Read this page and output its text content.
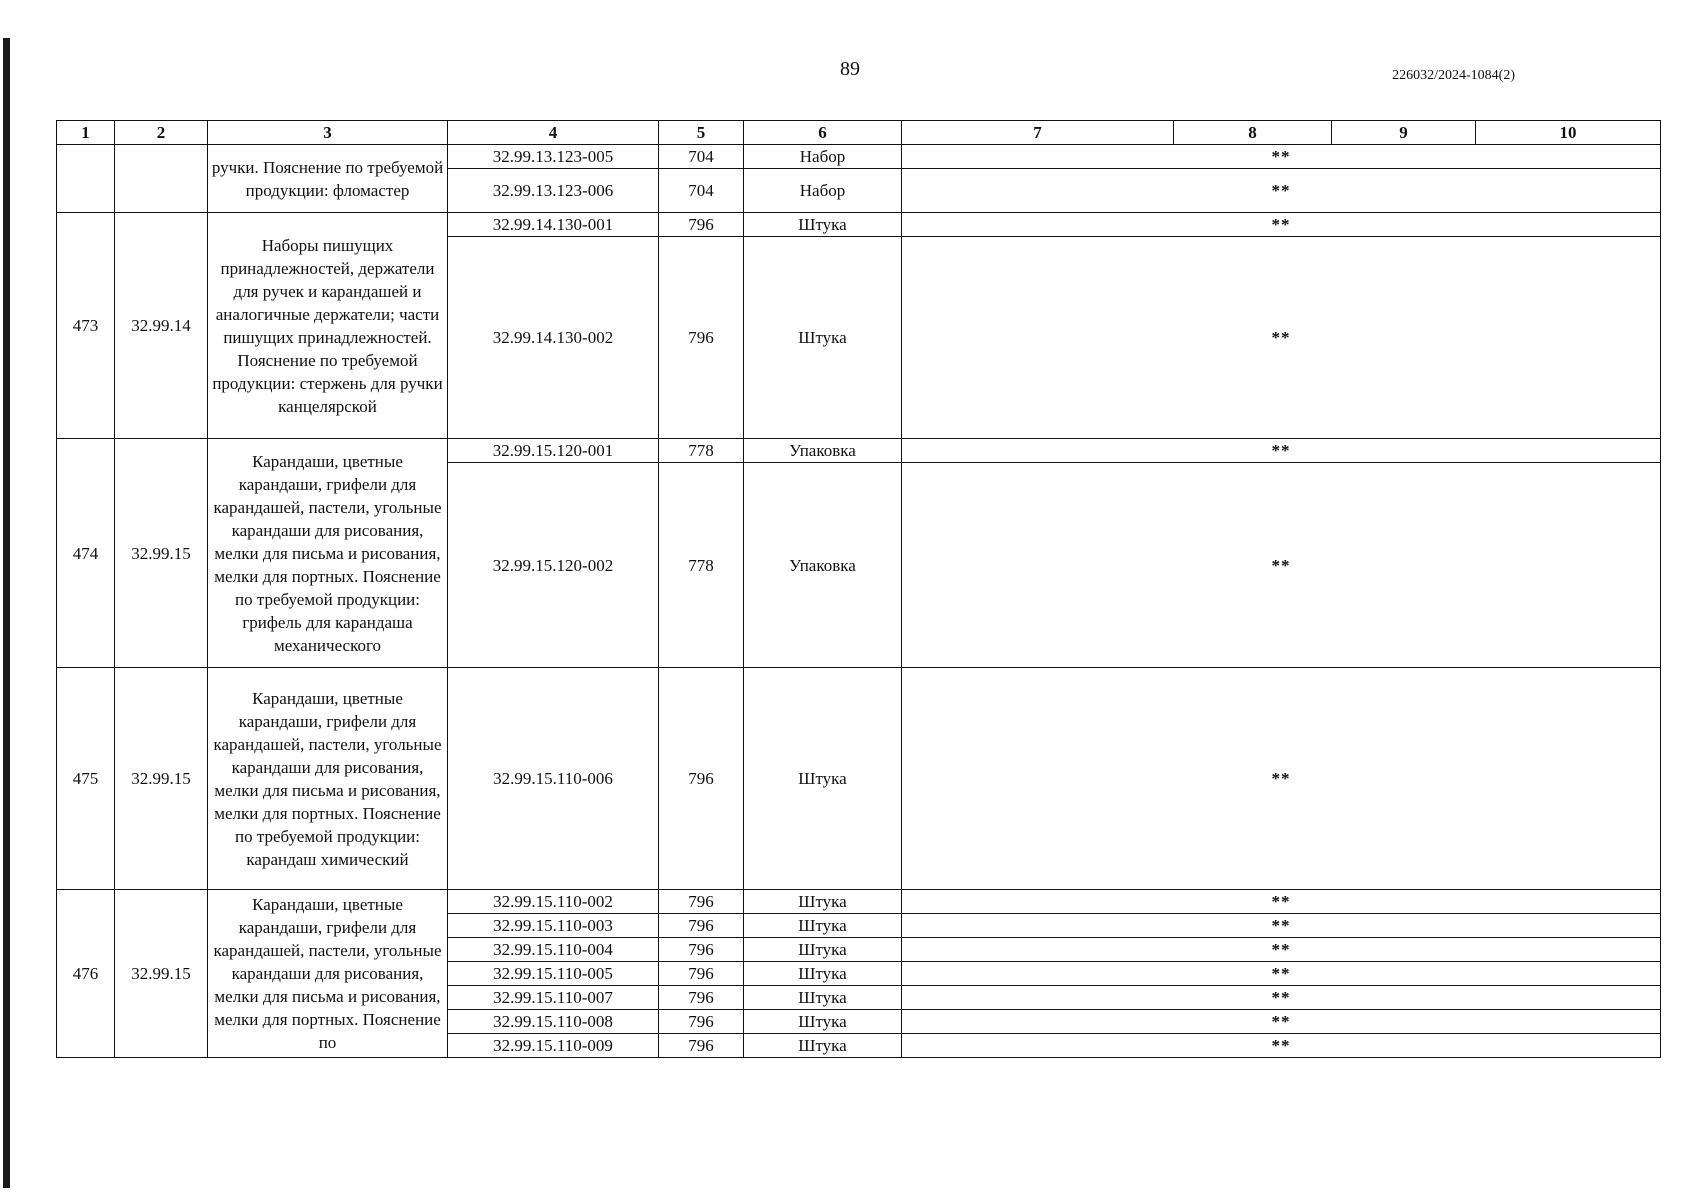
89	226032/2024-1084(2)
1	2	3	4	5	6	7	8	9	10
		ручки. Пояснение по требуемой продукции: фломастер	32.99.13.123-005	704	Набор	**			
			32.99.13.123-006	704	Набор	**			
473	32.99.14	Наборы пишущих принадлежностей, держатели для ручек и карандашей и аналогичные держатели; части пишущих принадлежностей. Пояснение по требуемой продукции: стержень для ручки канцелярской	32.99.14.130-001	796	Штука	**			
			32.99.14.130-002	796	Штука	**			
474	32.99.15	Карандаши, цветные карандаши, грифели для карандашей, пастели, угольные карандаши для рисования, мелки для письма и рисования, мелки для портных. Пояснение по требуемой продукции: грифель для карандаша механического	32.99.15.120-001	778	Упаковка	**			
			32.99.15.120-002	778	Упаковка	**			
475	32.99.15	Карандаши, цветные карандаши, грифели для карандашей, пастели, угольные карандаши для рисования, мелки для письма и рисования, мелки для портных. Пояснение по требуемой продукции: карандаш химический	32.99.15.110-006	796	Штука	**			
476	32.99.15	Карандаши, цветные карандаши, грифели для карандашей, пастели, угольные карандаши для рисования, мелки для письма и рисования, мелки для портных. Пояснение по	32.99.15.110-002	796	Штука	**			
			32.99.15.110-003	796	Штука	**			
			32.99.15.110-004	796	Штука	**			
			32.99.15.110-005	796	Штука	**			
			32.99.15.110-007	796	Штука	**			
			32.99.15.110-008	796	Штука	**			
			32.99.15.110-009	796	Штука	**			
